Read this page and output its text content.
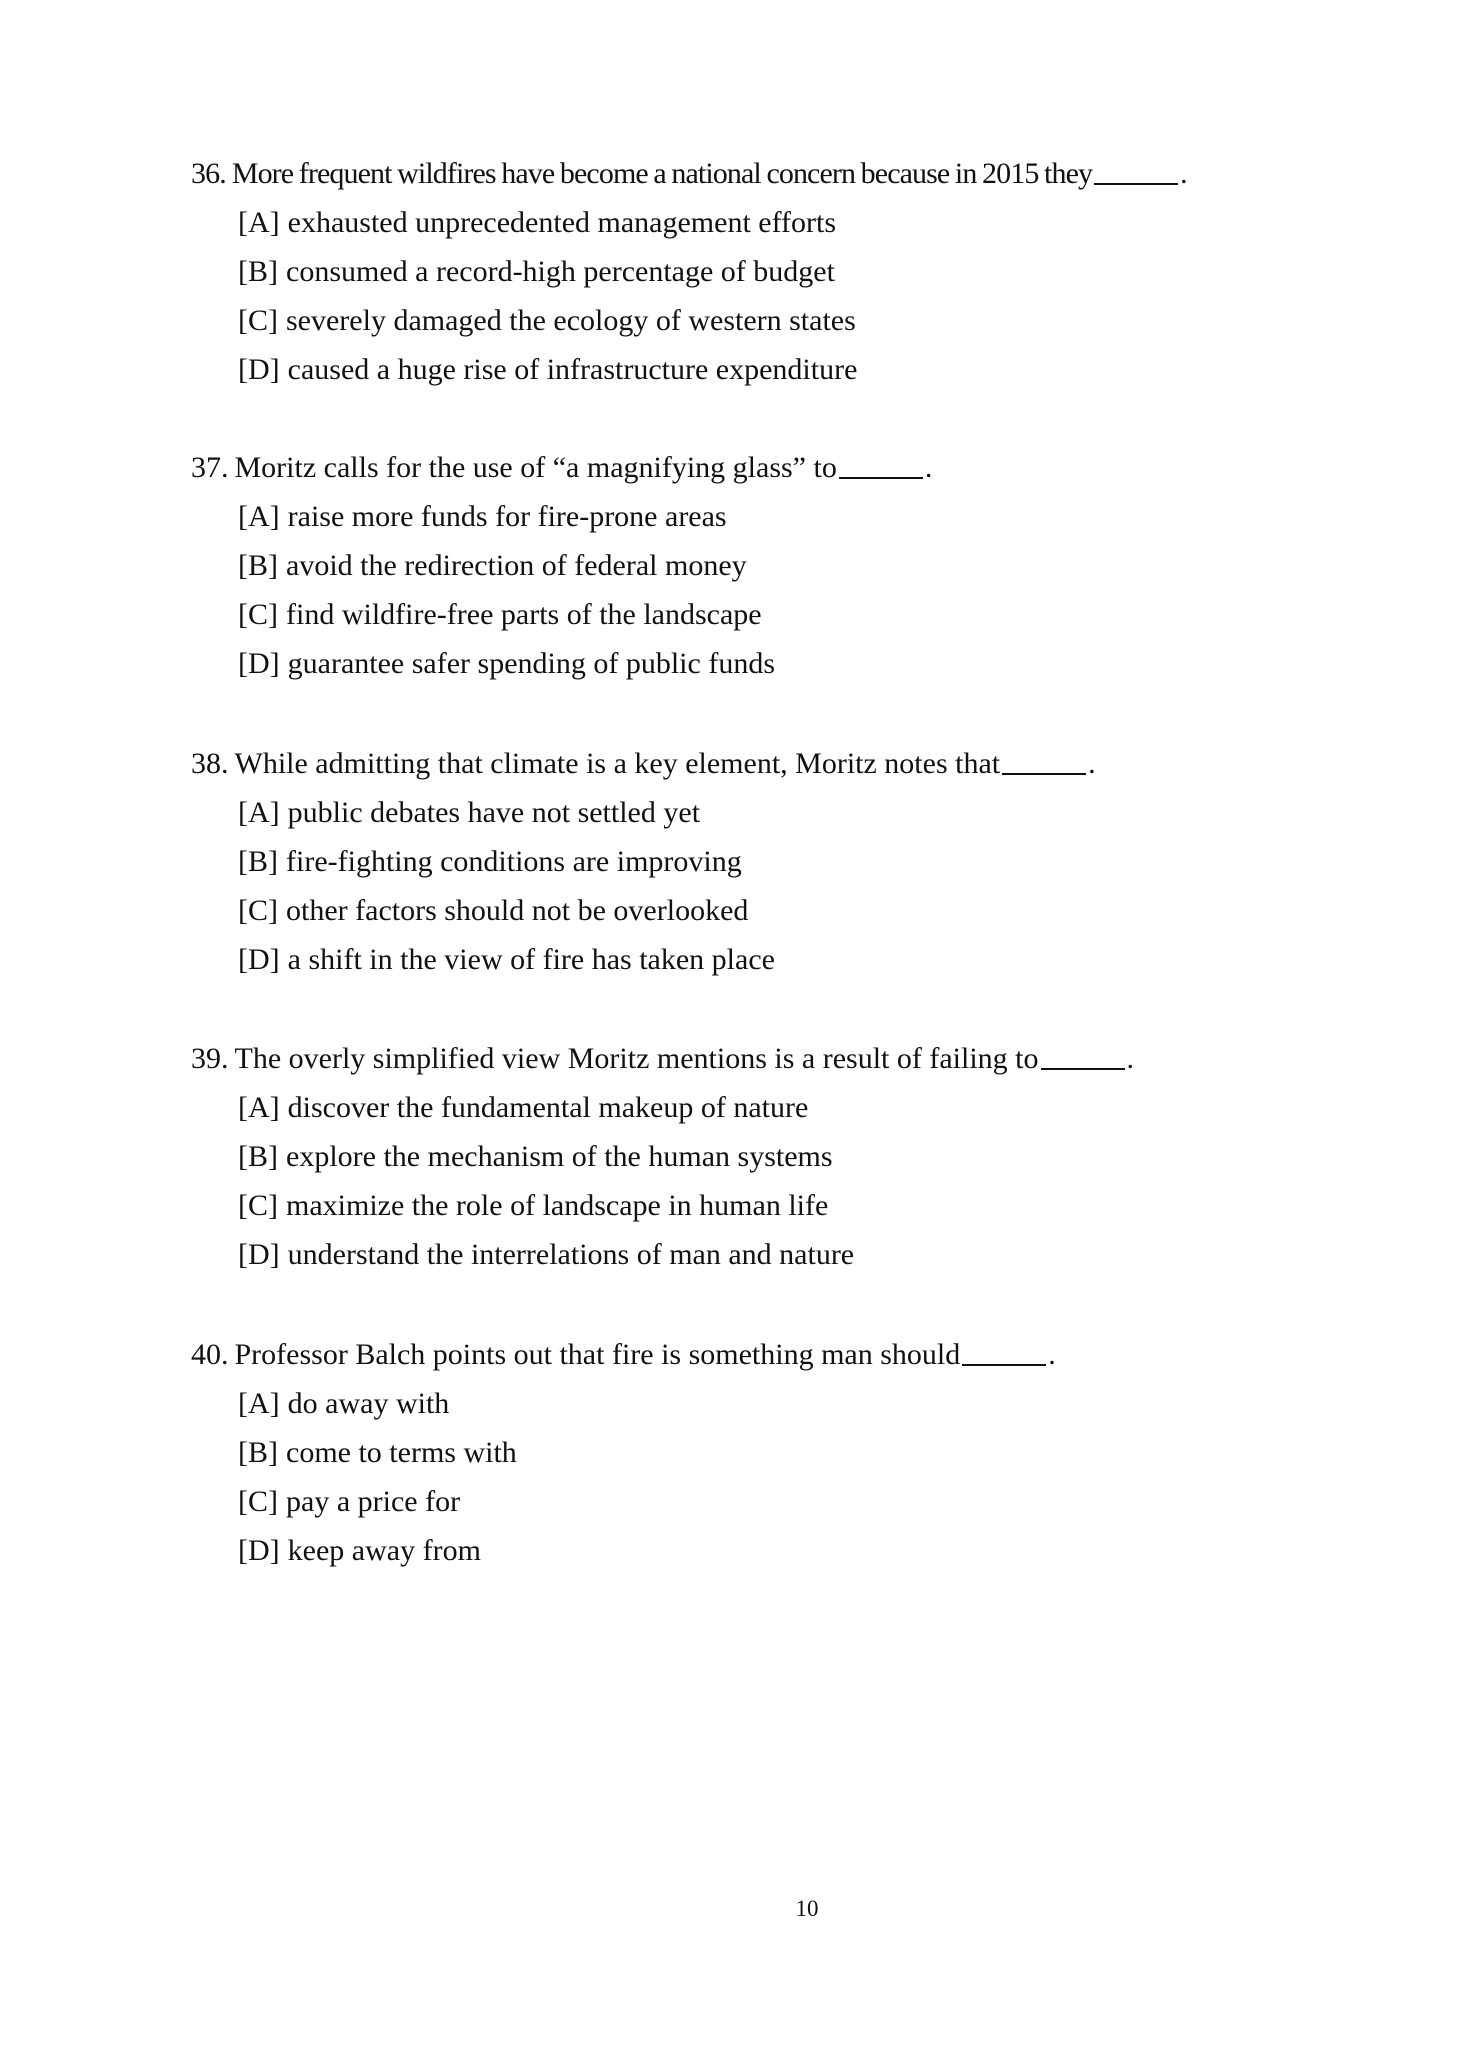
36. More frequent wildfires have become a national concern because in 2015 they	.
[A] exhausted unprecedented management efforts
[B] consumed a record-high percentage of budget
[C] severely damaged the ecology of western states
[D] caused a huge rise of infrastructure expenditure
37. Moritz calls for the use of “a magnifying glass” to	.
[A] raise more funds for fire-prone areas
[B] avoid the redirection of federal money
[C] find wildfire-free parts of the landscape
[D] guarantee safer spending of public funds
38. While admitting that climate is a key element, Moritz notes that	.
[A] public debates have not settled yet
[B] fire-fighting conditions are improving
[C] other factors should not be overlooked
[D] a shift in the view of fire has taken place
39. The overly simplified view Moritz mentions is a result of failing to	.
[A] discover the fundamental makeup of nature
[B] explore the mechanism of the human systems
[C] maximize the role of landscape in human life
[D] understand the interrelations of man and nature
40. Professor Balch points out that fire is something man should	.
[A] do away with
[B] come to terms with
[C] pay a price for
[D] keep away from
10
